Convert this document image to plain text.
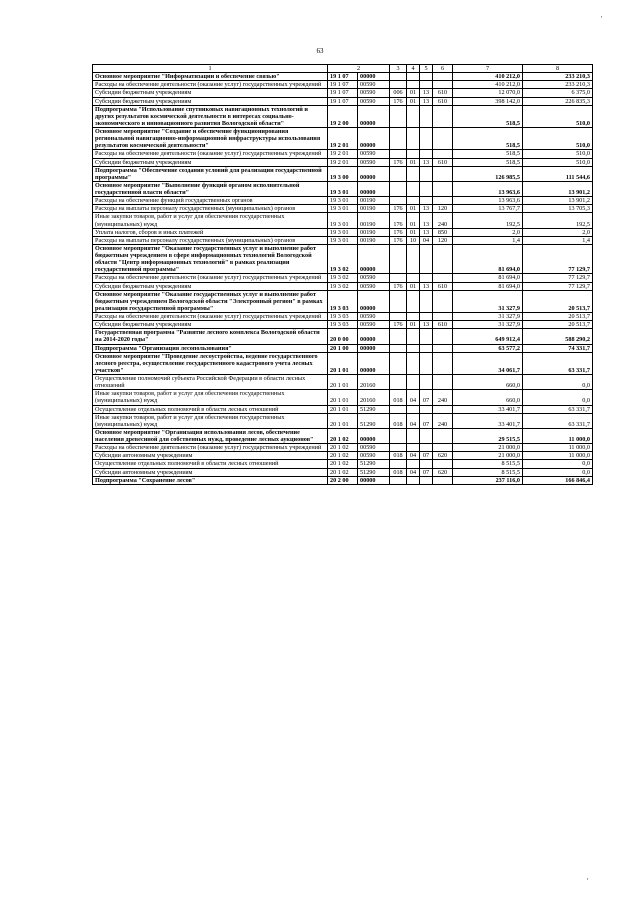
·
·
63
1	2		3	4	5	6	7	8
Основное мероприятие "Информатизации и обеспечение связью"	19 1 07	00000					410 212,0	233 210,3
Расходы на обеспечение деятельности (оказание услуг) государственных учреждений	19 1 07	00590					410 212,0	233 210,3
Субсидии бюджетным учреждениям	19 1 07	00590	006	01	13	610	12 070,0	6 375,0
Субсидии бюджетным учреждениям	19 1 07	00590	176	01	13	610	398 142,0	226 835,3
Подпрограмма "Использование спутниковых навигационных технологий и других результатов космической деятельности в интересах социально-экономического и инновационного развития Вологодской области"	19 2 00	00000					518,5	510,0
Основное мероприятие "Создание и обеспечение функционирования региональной навигационно-информационной инфраструктуры использования результатов космической деятельности"	19 2 01	00000					518,5	510,0
Расходы на обеспечение деятельности (оказание услуг) государственных учреждений	19 2 01	00590					518,5	510,0
Субсидии бюджетным учреждениям	19 2 01	00590	176	01	13	610	518,5	510,0
Подпрограмма "Обеспечение создания условий для реализации государственной программы"	19 3 00	00000					126 985,5	111 544,6
Основное мероприятие "Выполнение функций органом исполнительной государственной власти области"	19 3 01	00000					13 963,6	13 901,2
Расходы на обеспечение функций государственных органов	19 3 01	00190					13 963,6	13 901,2
Расходы на выплаты персоналу государственных (муниципальных) органов	19 3 01	00190	176	01	13	120	13 767,7	13 705,3
Иные закупки товаров, работ и услуг для обеспечения государственных (муниципальных) нужд	19 3 01	00190	176	01	13	240	192,5	192,5
Уплата налогов, сборов и иных платежей	19 3 01	00190	176	01	13	850	2,0	2,0
Расходы на выплаты персоналу государственных (муниципальных) органов	19 3 01	00190	176	10	04	120	1,4	1,4
Основное мероприятие "Оказание государственных услуг и выполнение работ бюджетным учреждением в сфере информационных технологий Вологодской области "Центр информационных технологий" в рамках реализации государственной программы"	19 3 02	00000					81 694,0	77 129,7
Расходы на обеспечение деятельности (оказание услуг) государственных учреждений	19 3 02	00590					81 694,0	77 129,7
Субсидии бюджетным учреждениям	19 3 02	00590	176	01	13	610	81 694,0	77 129,7
Основное мероприятие "Оказание государственных услуг и выполнение работ бюджетным учреждением Вологодской области "Электронный регион" в рамках реализации государственной программы"	19 3 03	00000					31 327,9	20 513,7
Расходы на обеспечение деятельности (оказание услуг) государственных учреждений	19 3 03	00590					31 327,9	20 513,7
Субсидии бюджетным учреждениям	19 3 03	00590	176	01	13	610	31 327,9	20 513,7
Государственная программа "Развитие лесного комплекса Вологодской области на 2014-2020 годы"	20 0 00	00000					649 912,4	588 290,2
Подпрограмма "Организация лесопользования"	20 1 00	00000					63 577,2	74 331,7
Основное мероприятие "Проведение лесоустройства, ведение государственного лесного реестра, осуществление государственного кадастрового учета лесных участков"	20 1 01	00000					34 061,7	63 331,7
Осуществление полномочий субъекта Российской Федерации в области лесных отношений	20 1 01	20160					660,0	0,0
Иные закупки товаров, работ и услуг для обеспечения государственных (муниципальных) нужд	20 1 01	20160	018	04	07	240	660,0	0,0
Осуществление отдельных полномочий в области лесных отношений	20 1 01	51290					33 401,7	63 331,7
Иные закупки товаров, работ и услуг для обеспечения государственных (муниципальных) нужд	20 1 01	51290	018	04	07	240	33 401,7	63 331,7
Основное мероприятие "Организация использования лесов, обеспечение населения древесиной для собственных нужд, проведение лесных аукционов"	20 1 02	00000					29 515,5	11 000,0
Расходы на обеспечение деятельности (оказание услуг) государственных учреждений	20 1 02	00590					21 000,0	11 000,0
Субсидии автономным учреждениям	20 1 02	00590	018	04	07	620	21 000,0	11 000,0
Осуществление отдельных полномочий в области лесных отношений	20 1 02	51290					8 515,5	0,0
Субсидии автономным учреждениям	20 1 02	51290	018	04	07	620	8 515,5	0,0
Подпрограмма "Сохранение лесов"	20 2 00	00000					237 116,0	166 846,4
